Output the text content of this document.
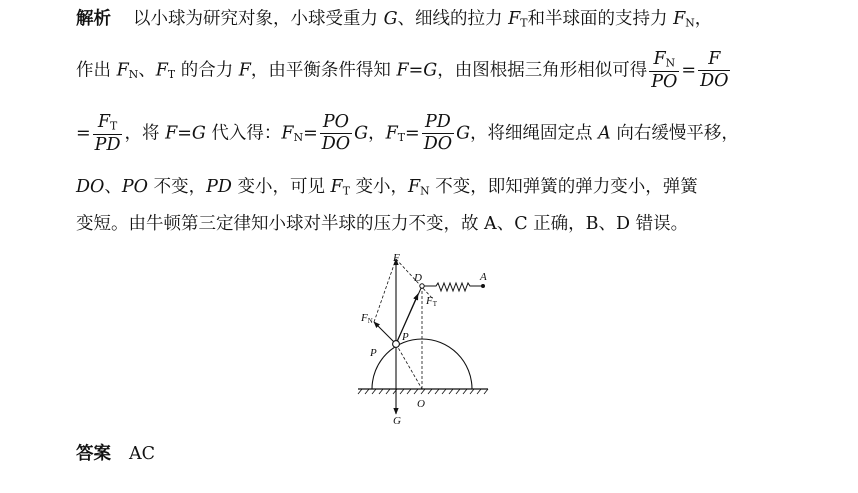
解析 以小球为研究对象，小球受重力 G、细线的拉力 $F_T$和半球面的支持力 $F_N$，
作出 $F_N$、$F_T$ 的合力 F，由平衡条件得知 F=G，由图根据三角形相似可得 $\frac{F_N}{PO} = \frac{F}{DO}$
= $\frac{F_T}{PD}$ ，将 F=G 代入得：$F_N= \frac{PO}{DO}$ G，$F_T= \frac{PD}{DO}$ G，将细绳固定点 A 向右缓慢平移，
DO、PO 不变，PD 变小，可见 $F_T$ 变小，$F_N$ 不变，即知弹簧的弹力变小，弹簧
变短。由牛顿第三定律知小球对半球的压力不变，故 A、C 正确，B、D 错误。
F
D	A
FT
FN
P
P
O
G
答案 AC
